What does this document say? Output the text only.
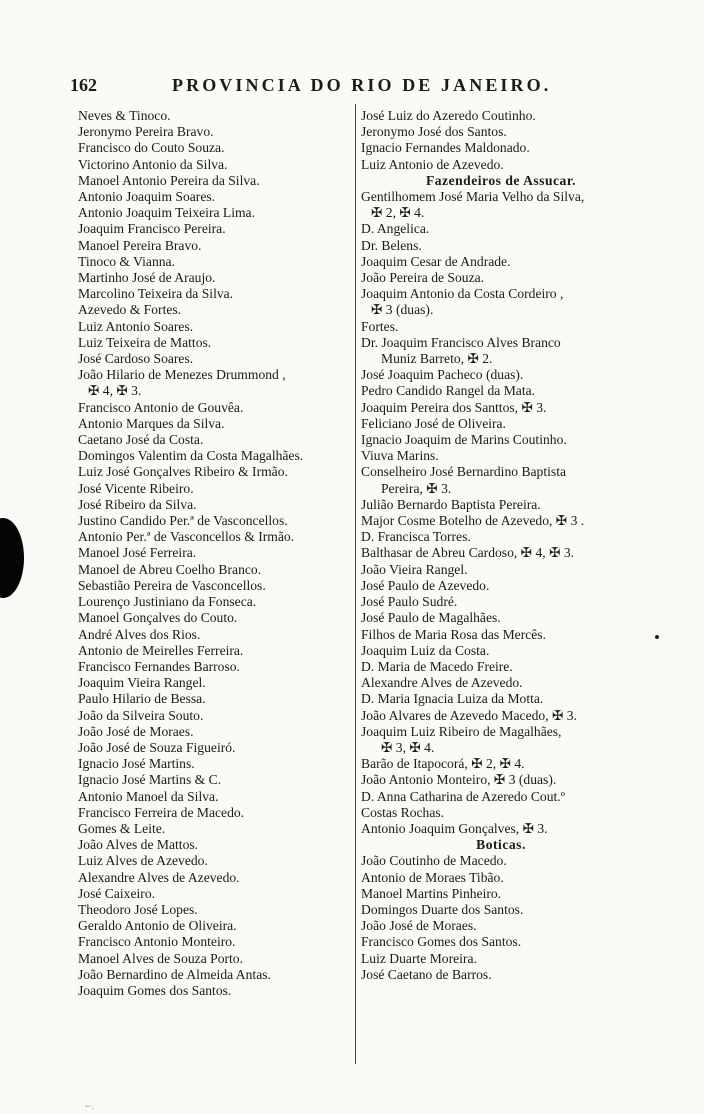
162	PROVINCIA DO RIO DE JANEIRO.
Neves & Tinoco.
Jeronymo Pereira Bravo.
Francisco do Couto Souza.
Victorino Antonio da Silva.
Manoel Antonio Pereira da Silva.
Antonio Joaquim Soares.
Antonio Joaquim Teixeira Lima.
Joaquim Francisco Pereira.
Manoel Pereira Bravo.
Tinoco & Vianna.
Martinho José de Araujo.
Marcolino Teixeira da Silva.
Azevedo & Fortes.
Luiz Antonio Soares.
Luiz Teixeira de Mattos.
José Cardoso Soares.
João Hilario de Menezes Drummond ,
✠ 4, ✠ 3.
Francisco Antonio de Gouvêa.
Antonio Marques da Silva.
Caetano José da Costa.
Domingos Valentim da Costa Magalhães.
Luiz José Gonçalves Ribeiro & Irmão.
José Vicente Ribeiro.
José Ribeiro da Silva.
Justino Candido Per.ª de Vasconcellos.
Antonio Per.ª de Vasconcellos & Irmão.
Manoel José Ferreira.
Manoel de Abreu Coelho Branco.
Sebastião Pereira de Vasconcellos.
Lourenço Justiniano da Fonseca.
Manoel Gonçalves do Couto.
André Alves dos Rios.
Antonio de Meirelles Ferreira.
Francisco Fernandes Barroso.
Joaquim Vieira Rangel.
Paulo Hilario de Bessa.
João da Silveira Souto.
João José de Moraes.
João José de Souza Figueiró.
Ignacio José Martins.
Ignacio José Martins & C.
Antonio Manoel da Silva.
Francisco Ferreira de Macedo.
Gomes & Leite.
João Alves de Mattos.
Luiz Alves de Azevedo.
Alexandre Alves de Azevedo.
José Caixeiro.
Theodoro José Lopes.
Geraldo Antonio de Oliveira.
Francisco Antonio Monteiro.
Manoel Alves de Souza Porto.
João Bernardino de Almeida Antas.
Joaquim Gomes dos Santos.
José Luiz do Azeredo Coutinho.
Jeronymo José dos Santos.
Ignacio Fernandes Maldonado.
Luiz Antonio de Azevedo.
Fazendeiros de Assucar.
Gentilhomem José Maria Velho da Silva,
✠ 2, ✠ 4.
D. Angelica.
Dr. Belens.
Joaquim Cesar de Andrade.
João Pereira de Souza.
Joaquim Antonio da Costa Cordeiro ,
✠ 3 (duas).
Fortes.
Dr. Joaquim Francisco Alves Branco
Muniz Barreto, ✠ 2.
José Joaquim Pacheco (duas).
Pedro Candido Rangel da Mata.
Joaquim Pereira dos Santtos, ✠ 3.
Feliciano José de Oliveira.
Ignacio Joaquim de Marins Coutinho.
Viuva Marins.
Conselheiro José Bernardino Baptista
Pereira, ✠ 3.
Julião Bernardo Baptista Pereira.
Major Cosme Botelho de Azevedo, ✠ 3 .
D. Francisca Torres.
Balthasar de Abreu Cardoso, ✠ 4, ✠ 3.
João Vieira Rangel.
José Paulo de Azevedo.
José Paulo Sudré.
José Paulo de Magalhães.
Filhos de Maria Rosa das Mercês.
Joaquim Luiz da Costa.
D. Maria de Macedo Freire.
Alexandre Alves de Azevedo.
D. Maria Ignacia Luiza da Motta.
João Alvares de Azevedo Macedo, ✠ 3.
Joaquim Luiz Ribeiro de Magalhães,
✠ 3, ✠ 4.
Barão de Itapocorá, ✠ 2, ✠ 4.
João Antonio Monteiro, ✠ 3 (duas).
D. Anna Catharina de Azeredo Cout.º
Costas Rochas.
Antonio Joaquim Gonçalves, ✠ 3.
Boticas.
João Coutinho de Macedo.
Antonio de Moraes Tibão.
Manoel Martins Pinheiro.
Domingos Duarte dos Santos.
João José de Moraes.
Francisco Gomes dos Santos.
Luiz Duarte Moreira.
José Caetano de Barros.
~·.
